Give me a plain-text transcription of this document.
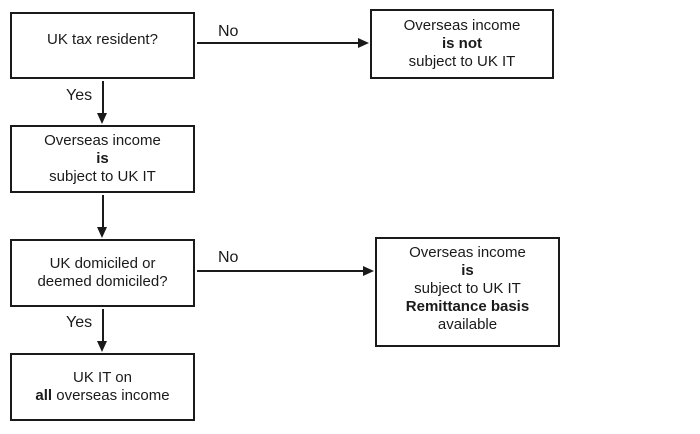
UK tax resident?
Overseas income
is not
subject to UK IT
Overseas income
is
subject to UK IT
UK domiciled or
deemed domiciled?
UK IT on
all overseas income
Overseas income
is
subject to UK IT
Remittance basis
available
No
Yes
No
Yes
